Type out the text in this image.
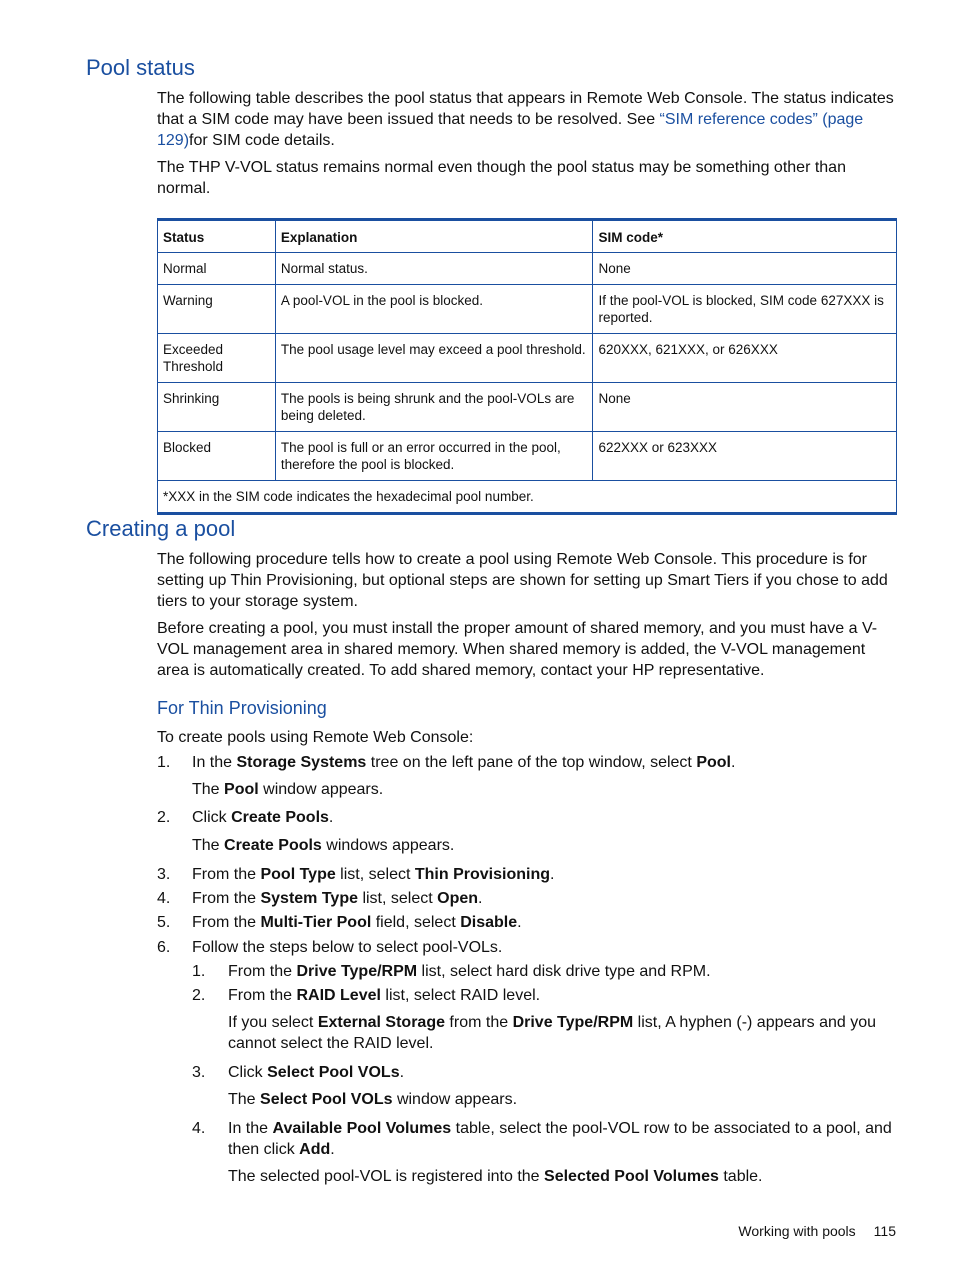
Pool status

The following table describes the pool status that appears in Remote Web Console. The status indicates that a SIM code may have been issued that needs to be resolved. See “SIM reference codes” (page 129)for SIM code details.

The THP V-VOL status remains normal even though the pool status may be something other than normal.

Status	Explanation	SIM code*
Normal	Normal status.	None
Warning	A pool-VOL in the pool is blocked.	If the pool-VOL is blocked, SIM code 627XXX is reported.
Exceeded Threshold	The pool usage level may exceed a pool threshold.	620XXX, 621XXX, or 626XXX
Shrinking	The pools is being shrunk and the pool-VOLs are being deleted.	None
Blocked	The pool is full or an error occurred in the pool, therefore the pool is blocked.	622XXX or 623XXX
*XXX in the SIM code indicates the hexadecimal pool number.		
Creating a pool

The following procedure tells how to create a pool using Remote Web Console. This procedure is for setting up Thin Provisioning, but optional steps are shown for setting up Smart Tiers if you chose to add tiers to your storage system.

Before creating a pool, you must install the proper amount of shared memory, and you must have a V-VOL management area in shared memory. When shared memory is added, the V-VOL management area is automatically created. To add shared memory, contact your HP representative.

For Thin Provisioning

To create pools using Remote Web Console:

1. In the Storage Systems tree on the left pane of the top window, select Pool.
The Pool window appears.
2. Click Create Pools.
The Create Pools windows appears.
3. From the Pool Type list, select Thin Provisioning.
4. From the System Type list, select Open.
5. From the Multi-Tier Pool field, select Disable.
6. Follow the steps below to select pool-VOLs.
1. From the Drive Type/RPM list, select hard disk drive type and RPM.
2. From the RAID Level list, select RAID level.
If you select External Storage from the Drive Type/RPM list, A hyphen (-) appears and you cannot select the RAID level.
3. Click Select Pool VOLs.
The Select Pool VOLs window appears.
4. In the Available Pool Volumes table, select the pool-VOL row to be associated to a pool, and then click Add.
The selected pool-VOL is registered into the Selected Pool Volumes table.
Working with pools 115
